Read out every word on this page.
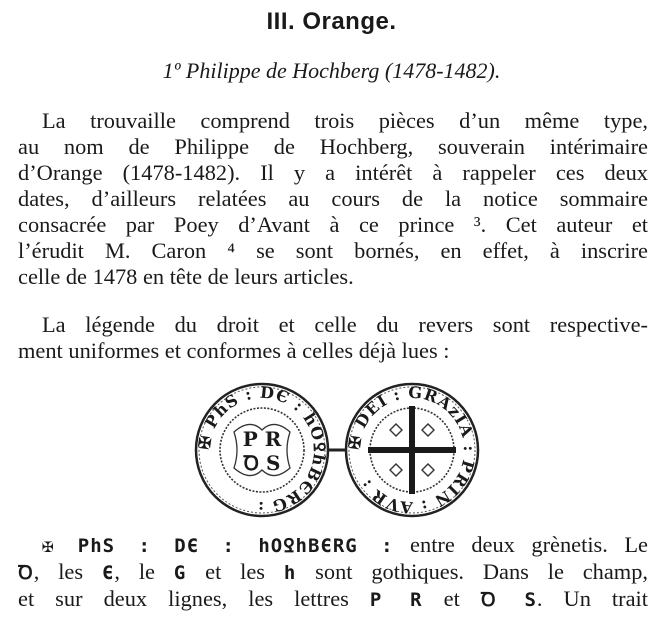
III. Orange.
1º Philippe de Hochberg (1478-1482).
La trouvaille comprend trois pièces d’un même type,
au nom de Philippe de Hochberg, souverain intérimaire
d’Orange (1478-1482). Il y a intérêt à rappeler ces deux
dates, d’ailleurs relatées au cours de la notice sommaire
consacrée par Poey d’Avant à ce prince ³. Cet auteur et
l’érudit M. Caron ⁴ se sont bornés, en effet, à inscrire
celle de 1478 en tête de leurs articles.
La légende du droit et celle du revers sont respective-
ment uniformes et conformes à celles déjà lues :
✠ PhS : DЄ : hOꝾhBЄRG :
P R
Ꝺ S
✠ DEI : GRAzIA : PRIN : AVR :
✠ PhS : DЄ : hOꝾhBЄRG : entre deux grènetis. Le
Ꝺ, les Є, le G et les h sont gothiques. Dans le champ,
et sur deux lignes, les lettres P R et Ꝺ S. Un trait
